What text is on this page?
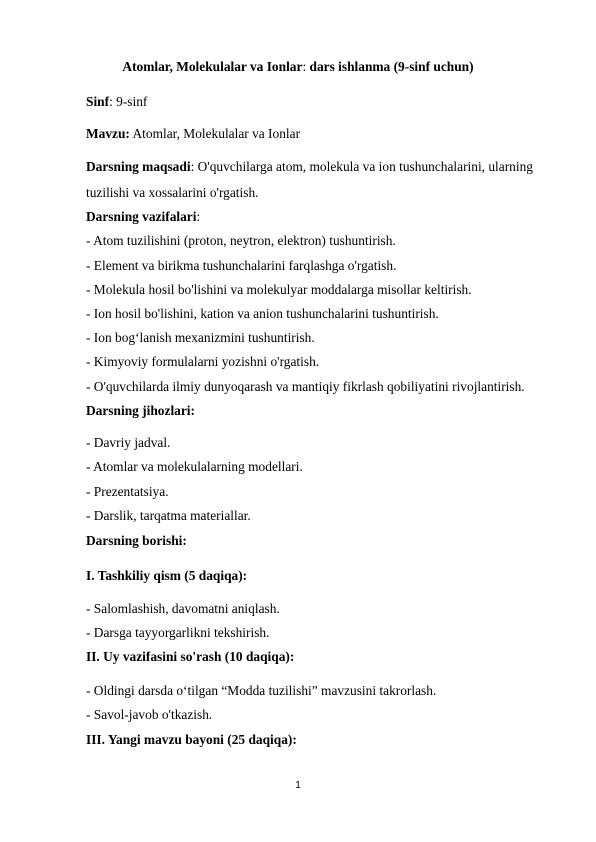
Atomlar, Molekulalar va Ionlar: dars ishlanma (9-sinf uchun)
Sinf: 9-sinf
Mavzu: Atomlar, Molekulalar va Ionlar
Darsning maqsadi: O'quvchilarga atom, molekula va ion tushunchalarini, ularning
tuzilishi va xossalarini o'rgatish.
Darsning vazifalari:
- Atom tuzilishini (proton, neytron, elektron) tushuntirish.
- Element va birikma tushunchalarini farqlashga o'rgatish.
- Molekula hosil bo'lishini va molekulyar moddalarga misollar keltirish.
- Ion hosil bo'lishini, kation va anion tushunchalarini tushuntirish.
- Ion bog‘lanish mexanizmini tushuntirish.
- Kimyoviy formulalarni yozishni o'rgatish.
- O'quvchilarda ilmiy dunyoqarash va mantiqiy fikrlash qobiliyatini rivojlantirish.
Darsning jihozlari:
- Davriy jadval.
- Atomlar va molekulalarning modellari.
- Prezentatsiya.
- Darslik, tarqatma materiallar.
Darsning borishi:
I. Tashkiliy qism (5 daqiqa):
- Salomlashish, davomatni aniqlash.
- Darsga tayyorgarlikni tekshirish.
II. Uy vazifasini so'rash (10 daqiqa):
- Oldingi darsda o‘tilgan “Modda tuzilishi” mavzusini takrorlash.
- Savol-javob o'tkazish.
III. Yangi mavzu bayoni (25 daqiqa):
1
